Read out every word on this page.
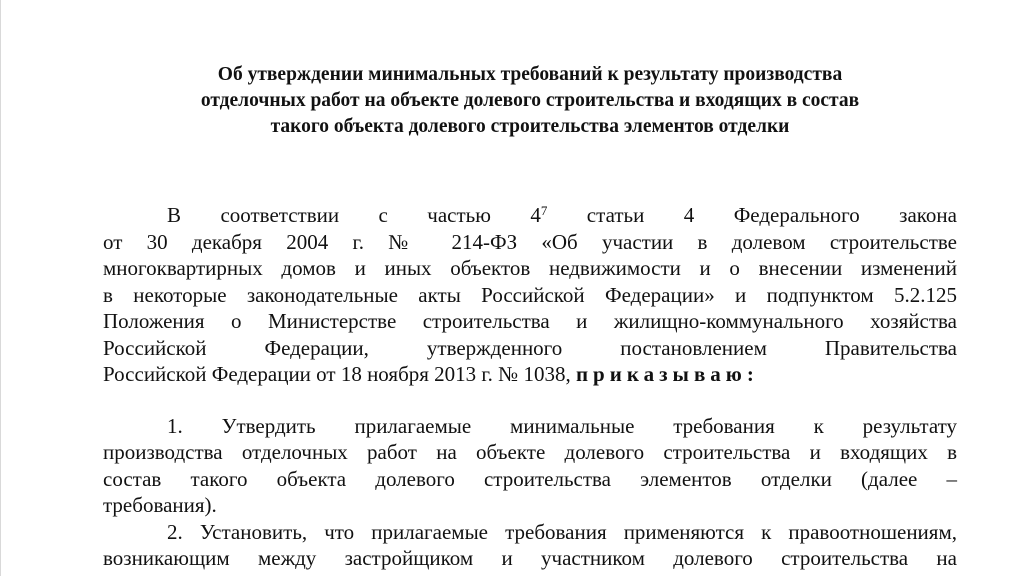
Об утверждении минимальных требований к результату производства
отделочных работ на объекте долевого строительства и входящих в состав
такого объекта долевого строительства элементов отделки
В соответствии с частью $4^7$ статьи 4 Федерального закона
от 30 декабря 2004 г. № 214-ФЗ «Об участии в долевом строительстве
многоквартирных домов и иных объектов недвижимости и о внесении изменений
в некоторые законодательные акты Российской Федерации» и подпунктом 5.2.125
Положения о Министерстве строительства и жилищно-коммунального хозяйства
Российской Федерации, утвержденного постановлением Правительства
Российской Федерации от 18 ноября 2013 г. № 1038, приказываю:
1. Утвердить прилагаемые минимальные требования к результату
производства отделочных работ на объекте долевого строительства и входящих в
состав такого объекта долевого строительства элементов отделки (далее –
требования).
2. Установить, что прилагаемые требования применяются к правоотношениям,
возникающим между застройщиком и участником долевого строительства на
